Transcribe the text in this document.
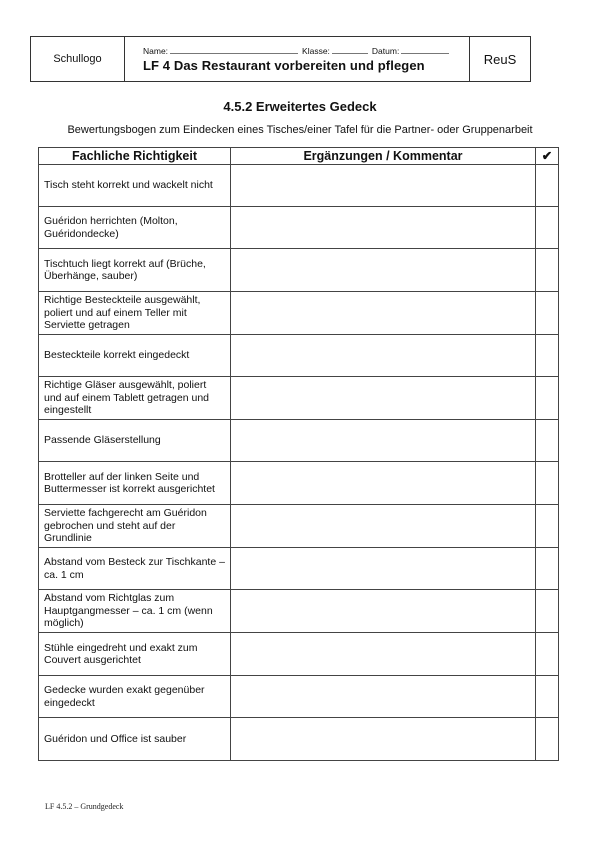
Schullogo
Name:	Klasse:	Datum:
LF 4 Das Restaurant vorbereiten und pflegen	ReuS
4.5.2 Erweitertes Gedeck
Bewertungsbogen zum Eindecken eines Tisches/einer Tafel für die Partner- oder Gruppenarbeit
Fachliche Richtigkeit	Ergänzungen / Kommentar	✔
Tisch steht korrekt und wackelt nicht		
Guéridon herrichten (Molton, Guéridondecke)		
Tischtuch liegt korrekt auf (Brüche, Überhänge, sauber)		
Richtige Besteckteile ausgewählt, poliert und auf einem Teller mit Serviette getragen		
Besteckteile korrekt eingedeckt		
Richtige Gläser ausgewählt, poliert und auf einem Tablett getragen und eingestellt		
Passende Gläserstellung		
Brotteller auf der linken Seite und Buttermesser ist korrekt ausgerichtet		
Serviette fachgerecht am Guéridon gebrochen und steht auf der Grundlinie		
Abstand vom Besteck zur Tischkante – ca. 1 cm		
Abstand vom Richtglas zum Hauptgangmesser – ca. 1 cm (wenn möglich)		
Stühle eingedreht und exakt zum Couvert ausgerichtet		
Gedecke wurden exakt gegenüber eingedeckt		
Guéridon und Office ist sauber		
LF 4.5.2 – Grundgedeck
